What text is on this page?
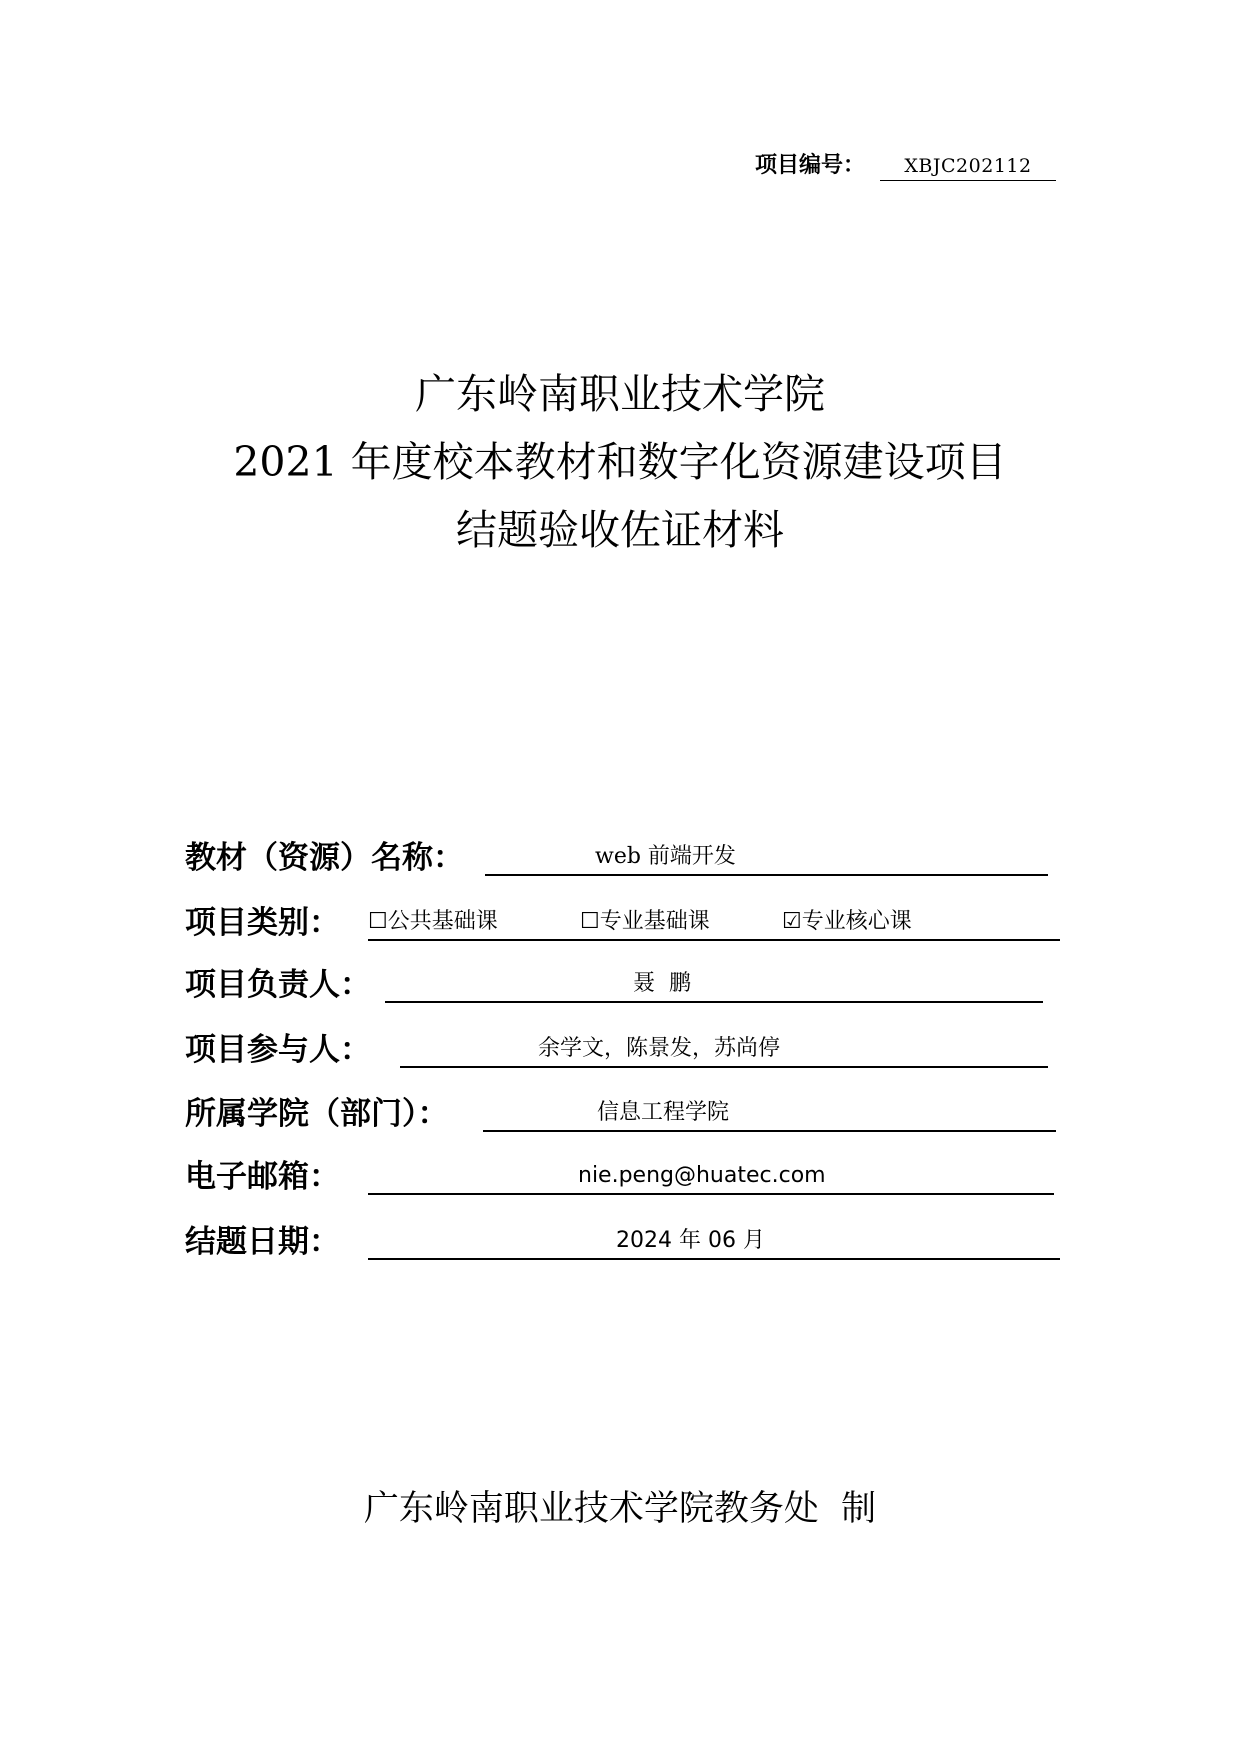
项目编号：	XBJC202112
广东岭南职业技术学院
2021 年度校本教材和数字化资源建设项目
结题验收佐证材料
教材（资源）名称：	web 前端开发
项目类别： ☐公共基础课	☐专业基础课	☑专业核心课
项目负责人：	聂  鹏
项目参与人：	余学文，陈景发，苏尚停
所属学院（部门）：	信息工程学院
电子邮箱：	nie.peng@huatec.com
结题日期：	2024 年 06 月
广东岭南职业技术学院教务处  制
